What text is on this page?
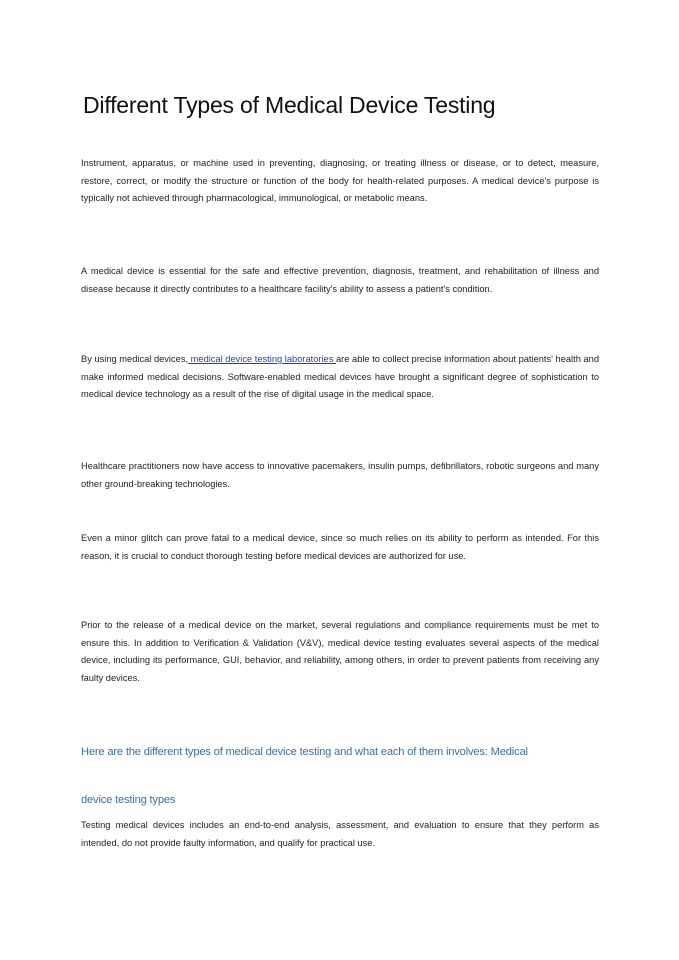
Different Types of Medical Device Testing

Instrument, apparatus, or machine used in preventing, diagnosing, or treating illness or disease, or to detect, measure, restore, correct, or modify the structure or function of the body for health-related purposes. A medical device's purpose is typically not achieved through pharmacological, immunological, or metabolic means.

A medical device is essential for the safe and effective prevention, diagnosis, treatment, and rehabilitation of illness and disease because it directly contributes to a healthcare facility's ability to assess a patient's condition.

By using medical devices, medical device testing laboratories are able to collect precise information about patients' health and make informed medical decisions. Software-enabled medical devices have brought a significant degree of sophistication to medical device technology as a result of the rise of digital usage in the medical space.

Healthcare practitioners now have access to innovative pacemakers, insulin pumps, defibrillators, robotic surgeons and many other ground-breaking technologies.

Even a minor glitch can prove fatal to a medical device, since so much relies on its ability to perform as intended. For this reason, it is crucial to conduct thorough testing before medical devices are authorized for use.

Prior to the release of a medical device on the market, several regulations and compliance requirements must be met to ensure this. In addition to Verification & Validation (V&V), medical device testing evaluates several aspects of the medical device, including its performance, GUI, behavior, and reliability, among others, in order to prevent patients from receiving any faulty devices.

Here are the different types of medical device testing and what each of them involves: Medical
device testing types

Testing medical devices includes an end-to-end analysis, assessment, and evaluation to ensure that they perform as intended, do not provide faulty information, and qualify for practical use.
